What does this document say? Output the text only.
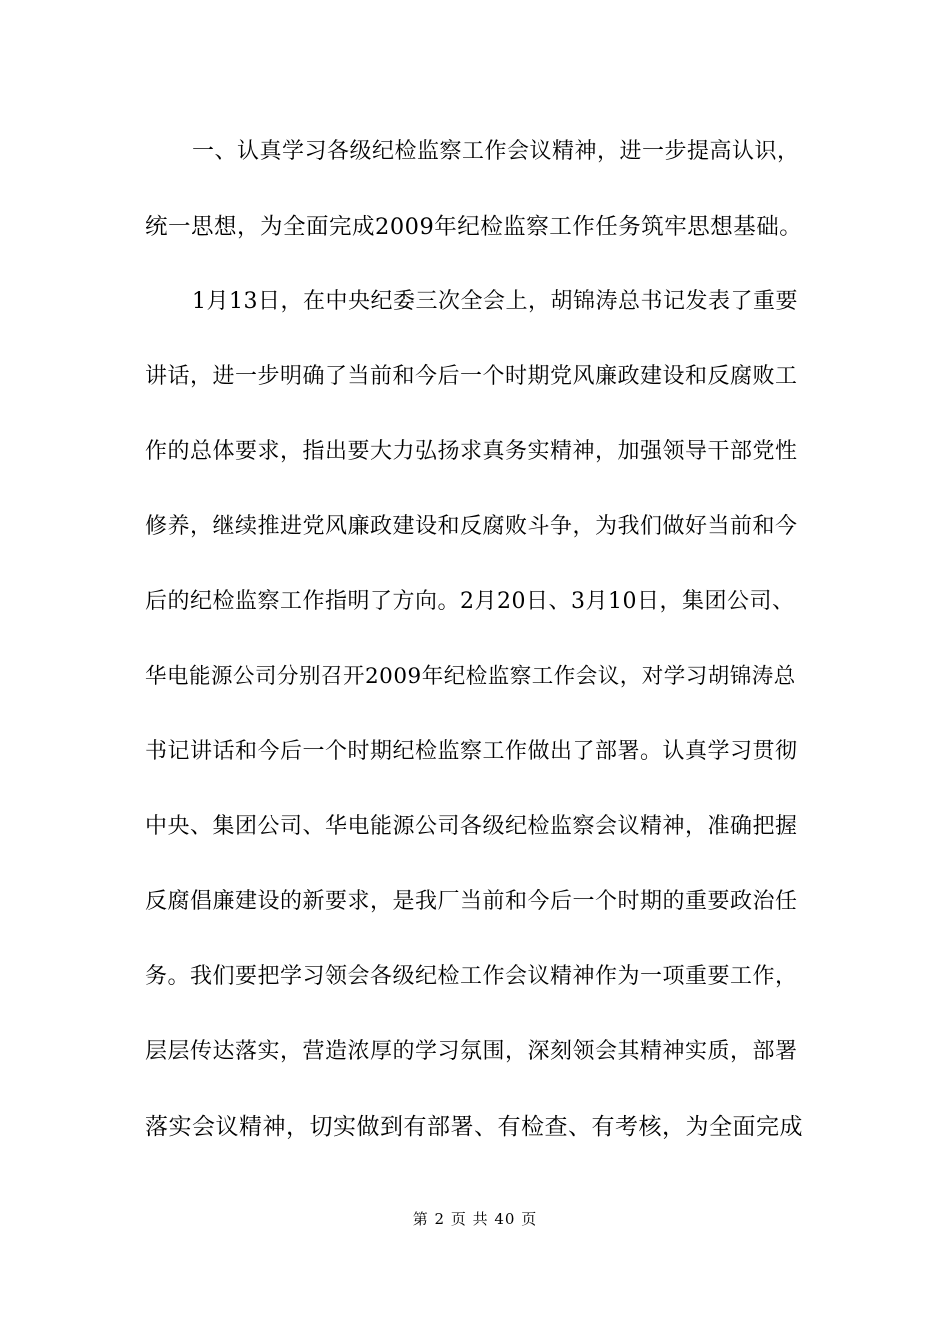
一、认真学习各级纪检监察工作会议精神，进一步提高认识，
统一思想，为全面完成2009年纪检监察工作任务筑牢思想基础。
1月13日，在中央纪委三次全会上，胡锦涛总书记发表了重要
讲话，进一步明确了当前和今后一个时期党风廉政建设和反腐败工
作的总体要求，指出要大力弘扬求真务实精神，加强领导干部党性
修养，继续推进党风廉政建设和反腐败斗争，为我们做好当前和今
后的纪检监察工作指明了方向。2月20日、3月10日，集团公司、
华电能源公司分别召开2009年纪检监察工作会议，对学习胡锦涛总
书记讲话和今后一个时期纪检监察工作做出了部署。认真学习贯彻
中央、集团公司、华电能源公司各级纪检监察会议精神，准确把握
反腐倡廉建设的新要求，是我厂当前和今后一个时期的重要政治任
务。我们要把学习领会各级纪检工作会议精神作为一项重要工作，
层层传达落实，营造浓厚的学习氛围，深刻领会其精神实质，部署
落实会议精神，切实做到有部署、有检查、有考核，为全面完成
第 2 页 共 40 页
